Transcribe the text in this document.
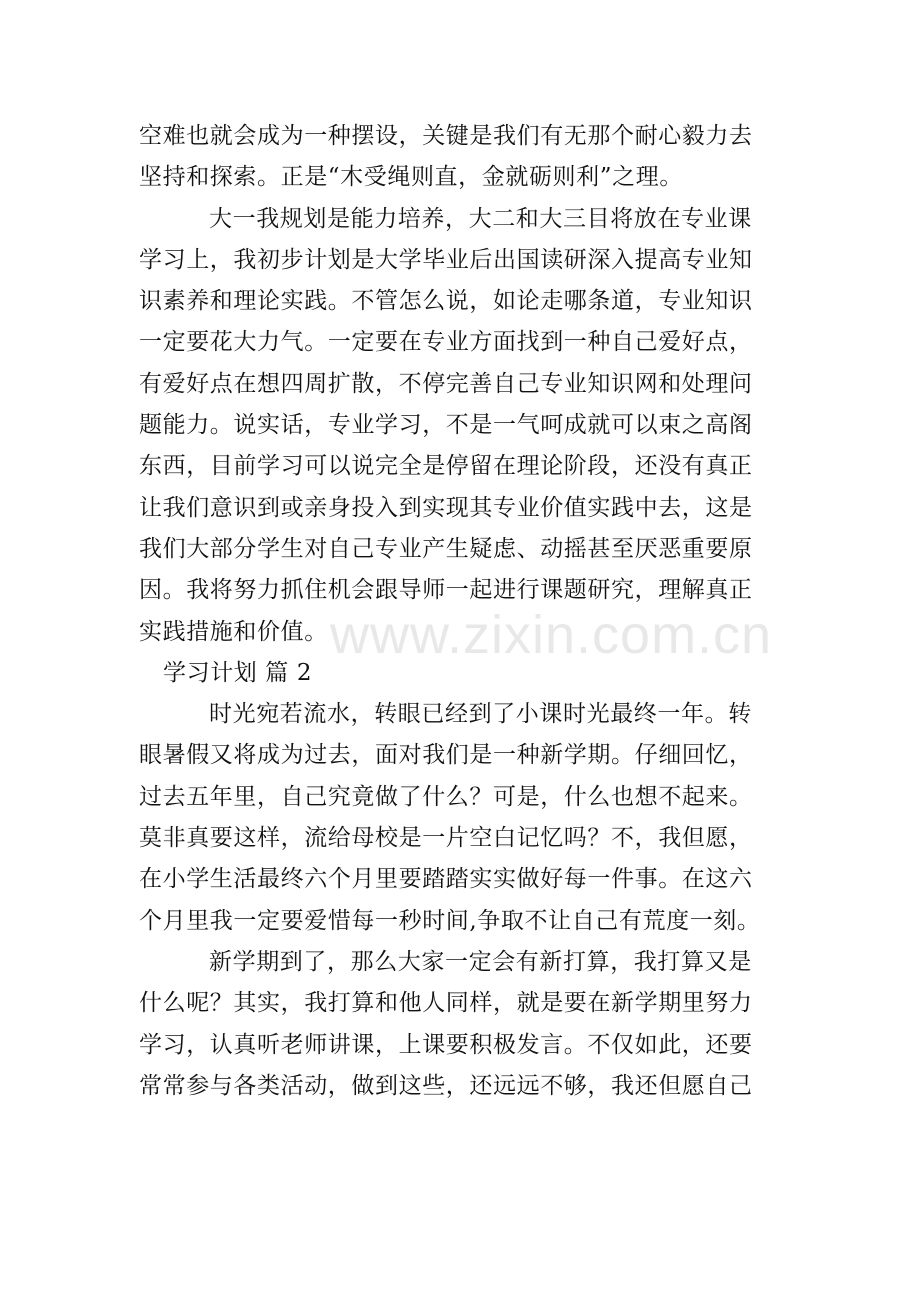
空难也就会成为一种摆设，关键是我们有无那个耐心毅力去
坚持和探索。正是“木受绳则直，金就砺则利”之理。
大一我规划是能力培养，大二和大三目将放在专业课
学习上，我初步计划是大学毕业后出国读研深入提高专业知
识素养和理论实践。不管怎么说，如论走哪条道，专业知识
一定要花大力气。一定要在专业方面找到一种自己爱好点，
有爱好点在想四周扩散，不停完善自己专业知识网和处理问
题能力。说实话，专业学习，不是一气呵成就可以束之高阁
东西，目前学习可以说完全是停留在理论阶段，还没有真正
让我们意识到或亲身投入到实现其专业价值实践中去，这是
我们大部分学生对自己专业产生疑虑、动摇甚至厌恶重要原
因。我将努力抓住机会跟导师一起进行课题研究，理解真正
实践措施和价值。
学习计划 篇 2
时光宛若流水，转眼已经到了小课时光最终一年。转
眼暑假又将成为过去，面对我们是一种新学期。仔细回忆，
过去五年里，自己究竟做了什么？可是，什么也想不起来。
莫非真要这样，流给母校是一片空白记忆吗？不，我但愿，
在小学生活最终六个月里要踏踏实实做好每一件事。在这六
个月里我一定要爱惜每一秒时间,争取不让自己有荒度一刻。
新学期到了，那么大家一定会有新打算，我打算又是
什么呢？其实，我打算和他人同样，就是要在新学期里努力
学习，认真听老师讲课，上课要积极发言。不仅如此，还要
常常参与各类活动，做到这些，还远远不够，我还但愿自己
www.zixin.com.cn
